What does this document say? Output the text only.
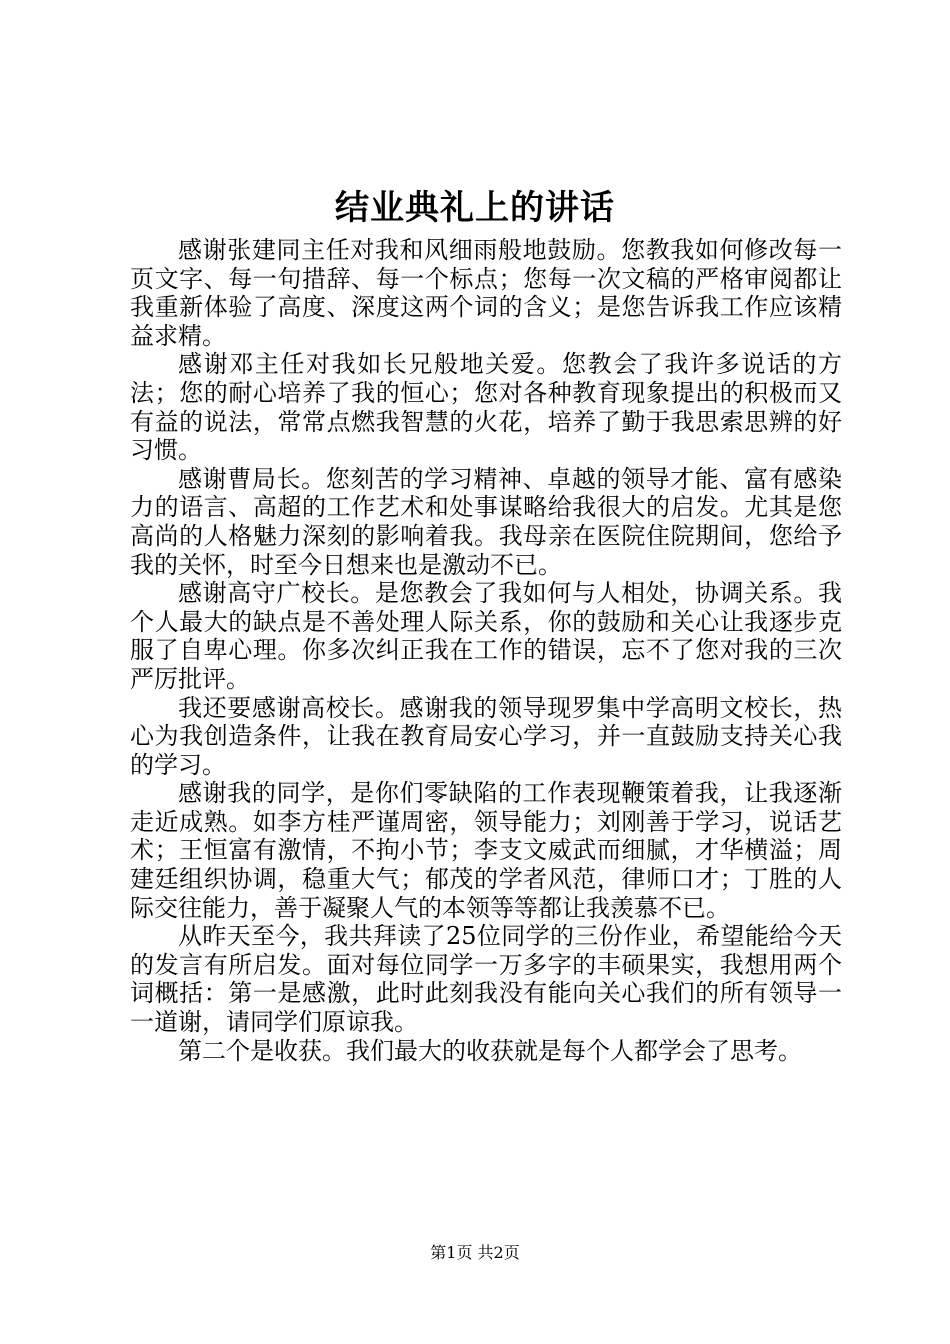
结业典礼上的讲话

感谢张建同主任对我和风细雨般地鼓励。您教我如何修改每一页文字、每一句措辞、每一个标点；您每一次文稿的严格审阅都让我重新体验了高度、深度这两个词的含义；是您告诉我工作应该精益求精。

感谢邓主任对我如长兄般地关爱。您教会了我许多说话的方法；您的耐心培养了我的恒心；您对各种教育现象提出的积极而又有益的说法，常常点燃我智慧的火花，培养了勤于我思索思辨的好习惯。

感谢曹局长。您刻苦的学习精神、卓越的领导才能、富有感染力的语言、高超的工作艺术和处事谋略给我很大的启发。尤其是您高尚的人格魅力深刻的影响着我。我母亲在医院住院期间，您给予我的关怀，时至今日想来也是激动不已。

感谢高守广校长。是您教会了我如何与人相处，协调关系。我个人最大的缺点是不善处理人际关系，你的鼓励和关心让我逐步克服了自卑心理。你多次纠正我在工作的错误，忘不了您对我的三次严厉批评。

我还要感谢高校长。感谢我的领导现罗集中学高明文校长，热心为我创造条件，让我在教育局安心学习，并一直鼓励支持关心我的学习。

感谢我的同学，是你们零缺陷的工作表现鞭策着我，让我逐渐走近成熟。如李方桂严谨周密，领导能力；刘刚善于学习，说话艺术；王恒富有激情，不拘小节；李支文威武而细腻，才华横溢；周建廷组织协调，稳重大气；郁茂的学者风范，律师口才；丁胜的人际交往能力，善于凝聚人气的本领等等都让我羡慕不已。

从昨天至今，我共拜读了25位同学的三份作业，希望能给今天的发言有所启发。面对每位同学一万多字的丰硕果实，我想用两个词概括：第一是感激，此时此刻我没有能向关心我们的所有领导一一道谢，请同学们原谅我。

第二个是收获。我们最大的收获就是每个人都学会了思考。

第1页 共2页
